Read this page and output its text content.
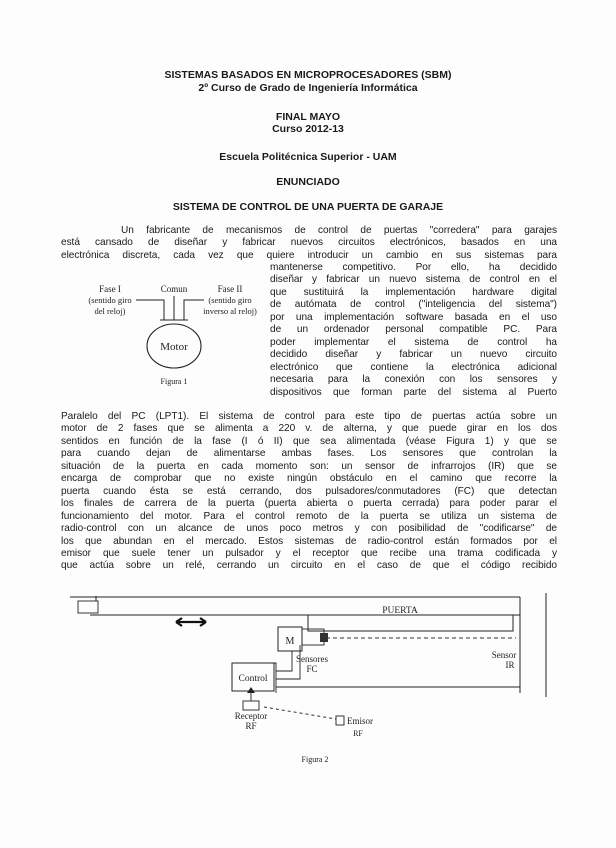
SISTEMAS BASADOS EN MICROPROCESADORES (SBM)
2º Curso de Grado de Ingeniería Informática
FINAL MAYO
Curso 2012-13
Escuela Politécnica Superior - UAM
ENUNCIADO
SISTEMA DE CONTROL DE UNA PUERTA DE GARAJE
Un fabricante de mecanismos de control de puertas "corredera" para garajes
está cansado de diseñar y fabricar nuevos circuitos electrónicos, basados en una
electrónica discreta, cada vez que quiere introducir un cambio en sus sistemas para
mantenerse competitivo. Por ello, ha decidido
diseñar y fabricar un nuevo sistema de control en el
que sustituirá la implementación hardware digital
de autómata de control ("inteligencia del sistema")
por una implementación software basada en el uso
de un ordenador personal compatible PC. Para
poder implementar el sistema de control ha
decidido diseñar y fabricar un nuevo circuito
electrónico que contiene la electrónica adicional
necesaria para la conexión con los sensores y
dispositivos que forman parte del sistema al Puerto
Fase I	Comun	Fase II
(sentido giro	(sentido giro
del reloj)	inverso al reloj)
Motor
Figura 1
Paralelo del PC (LPT1). El sistema de control para este tipo de puertas actúa sobre un
motor de 2 fases que se alimenta a 220 v. de alterna, y que puede girar en los dos
sentidos en función de la fase (I ó II) que sea alimentada (véase Figura 1) y que se
para cuando dejan de alimentarse ambas fases. Los sensores que controlan la
situación de la puerta en cada momento son: un sensor de infrarrojos (IR) que se
encarga de comprobar que no existe ningún obstáculo en el camino que recorre la
puerta cuando ésta se está cerrando, dos pulsadores/conmutadores (FC) que detectan
los finales de carrera de la puerta (puerta abierta o puerta cerrada) para poder parar el
funcionamiento del motor. Para el control remoto de la puerta se utiliza un sistema de
radio-control con un alcance de unos poco metros y con posibilidad de "codificarse" de
los que abundan en el mercado. Estos sistemas de radio-control están formados por el
emisor que suele tener un pulsador y el receptor que recibe una trama codificada y
que actúa sobre un relé, cerrando un circuito en el caso de que el código recibido
PUERTA
M
Sensores
FC
Sensor
IR
Control
Receptor
RF	Emisor
RF
Figura 2
